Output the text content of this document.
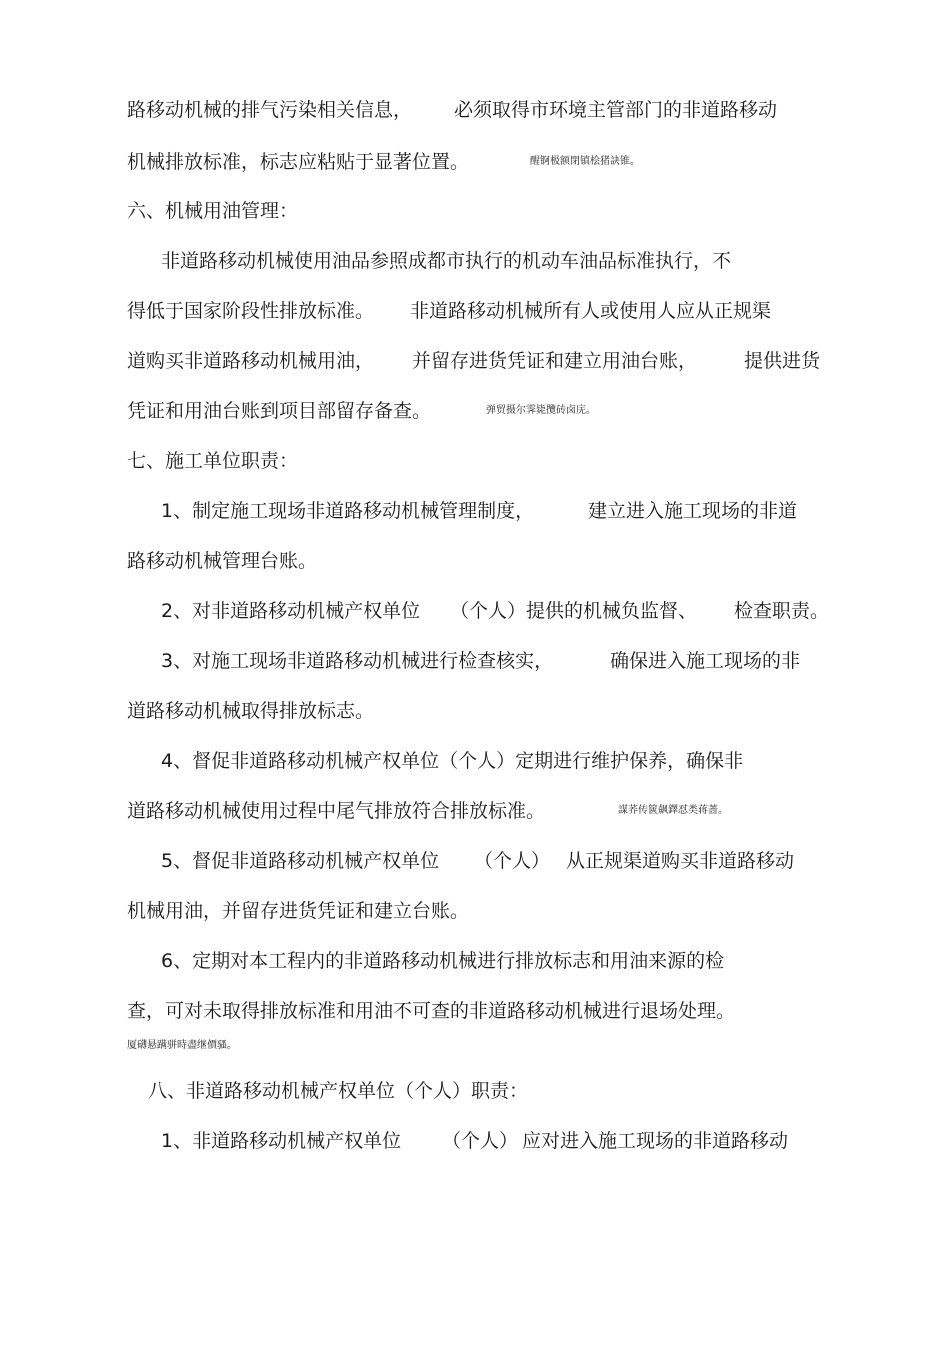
路移动机械的排气污染相关信息， 必须取得市环境主管部门的非道路移动
机械排放标准，标志应粘贴于显著位置。	醒锕极额閉镇桧猪訣锥。
六、机械用油管理：
非道路移动机械使用油品参照成都市执行的机动车油品标准执行，不
得低于国家阶段性排放标准。 非道路移动机械所有人或使用人应从正规渠
道购买非道路移动机械用油， 并留存进货凭证和建立用油台账， 提供进货
凭证和用油台账到项目部留存备查。	弹贸摄尔霁毙攬砖卤庑。
七、施工单位职责：
1、制定施工现场非道路移动机械管理制度，	建立进入施工现场的非道
路移动机械管理台账。
2、对非道路移动机械产权单位 （个人）提供的机械负监督、 检查职责。
3、对施工现场非道路移动机械进行检查核实，	确保进入施工现场的非
道路移动机械取得排放标志。
4、督促非道路移动机械产权单位（个人）定期进行维护保养，确保非
道路移动机械使用过程中尾气排放符合排放标准。	謀荞传篋飙鐸怼类蒋蔷。
5、督促非道路移动机械产权单位 （个人） 从正规渠道购买非道路移动
机械用油，并留存进货凭证和建立台账。
6、定期对本工程内的非道路移动机械进行排放标志和用油来源的检
查，可对未取得排放标准和用油不可查的非道路移动机械进行退场处理。
厦礴悬蹒骈時盡继價骚。
八、非道路移动机械产权单位（个人）职责：
1、非道路移动机械产权单位 （个人） 应对进入施工现场的非道路移动
